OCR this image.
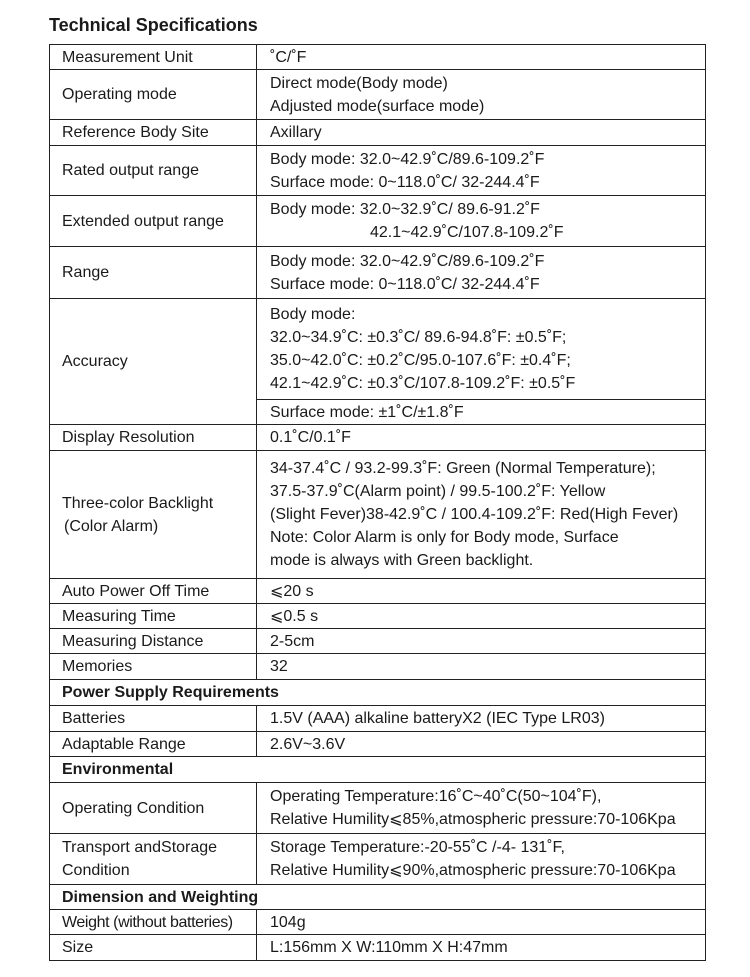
Technical Specifications
Measurement Unit	˚C/˚F
Operating mode	Direct mode(Body mode)
Adjusted mode(surface mode)

Reference Body Site	Axillary
Rated output range	Body mode: 32.0~42.9˚C/89.6-109.2˚F
Surface mode: 0~118.0˚C/ 32-244.4˚F

Extended output range	Body mode: 32.0~32.9˚C/ 89.6-91.2˚F
42.1~42.9˚C/107.8-109.2˚F

Range	Body mode: 32.0~42.9˚C/89.6-109.2˚F
Surface mode: 0~118.0˚C/ 32-244.4˚F

Accuracy	Body mode:
32.0~34.9˚C: ±0.3˚C/ 89.6-94.8˚F: ±0.5˚F;
35.0~42.0˚C: ±0.2˚C/95.0-107.6˚F: ±0.4˚F;
42.1~42.9˚C: ±0.3˚C/107.8-109.2˚F: ±0.5˚F

	Surface mode: ±1˚C/±1.8˚F
Display Resolution	0.1˚C/0.1˚F

Three-color Backlight
(Color Alarm)	34-37.4˚C / 93.2-99.3˚F: Green (Normal Temperature);
37.5-37.9˚C(Alarm point) / 99.5-100.2˚F: Yellow
(Slight Fever)38-42.9˚C / 100.4-109.2˚F: Red(High Fever)
Note: Color Alarm is only for Body mode, Surface
mode is always with Green backlight.

Auto Power Off Time	⩽20 s
Measuring Time	⩽0.5 s
Measuring Distance	2-5cm
Memories	32
Power Supply Requirements	
Batteries	1.5V (AAA) alkaline batteryX2 (IEC Type LR03)
Adaptable Range	2.6V~3.6V
Environmental	
Operating Condition	Operating Temperature:16˚C~40˚C(50~104˚F),
Relative Humility⩽85%,atmospheric pressure:70-106Kpa

Transport andStorage
Condition	Storage Temperature:-20-55˚C /-4- 131˚F,
Relative Humility⩽90%,atmospheric pressure:70-106Kpa

Dimension and Weighting	
Weight (without batteries)	104g
Size	L:156mm X W:110mm X H:47mm
